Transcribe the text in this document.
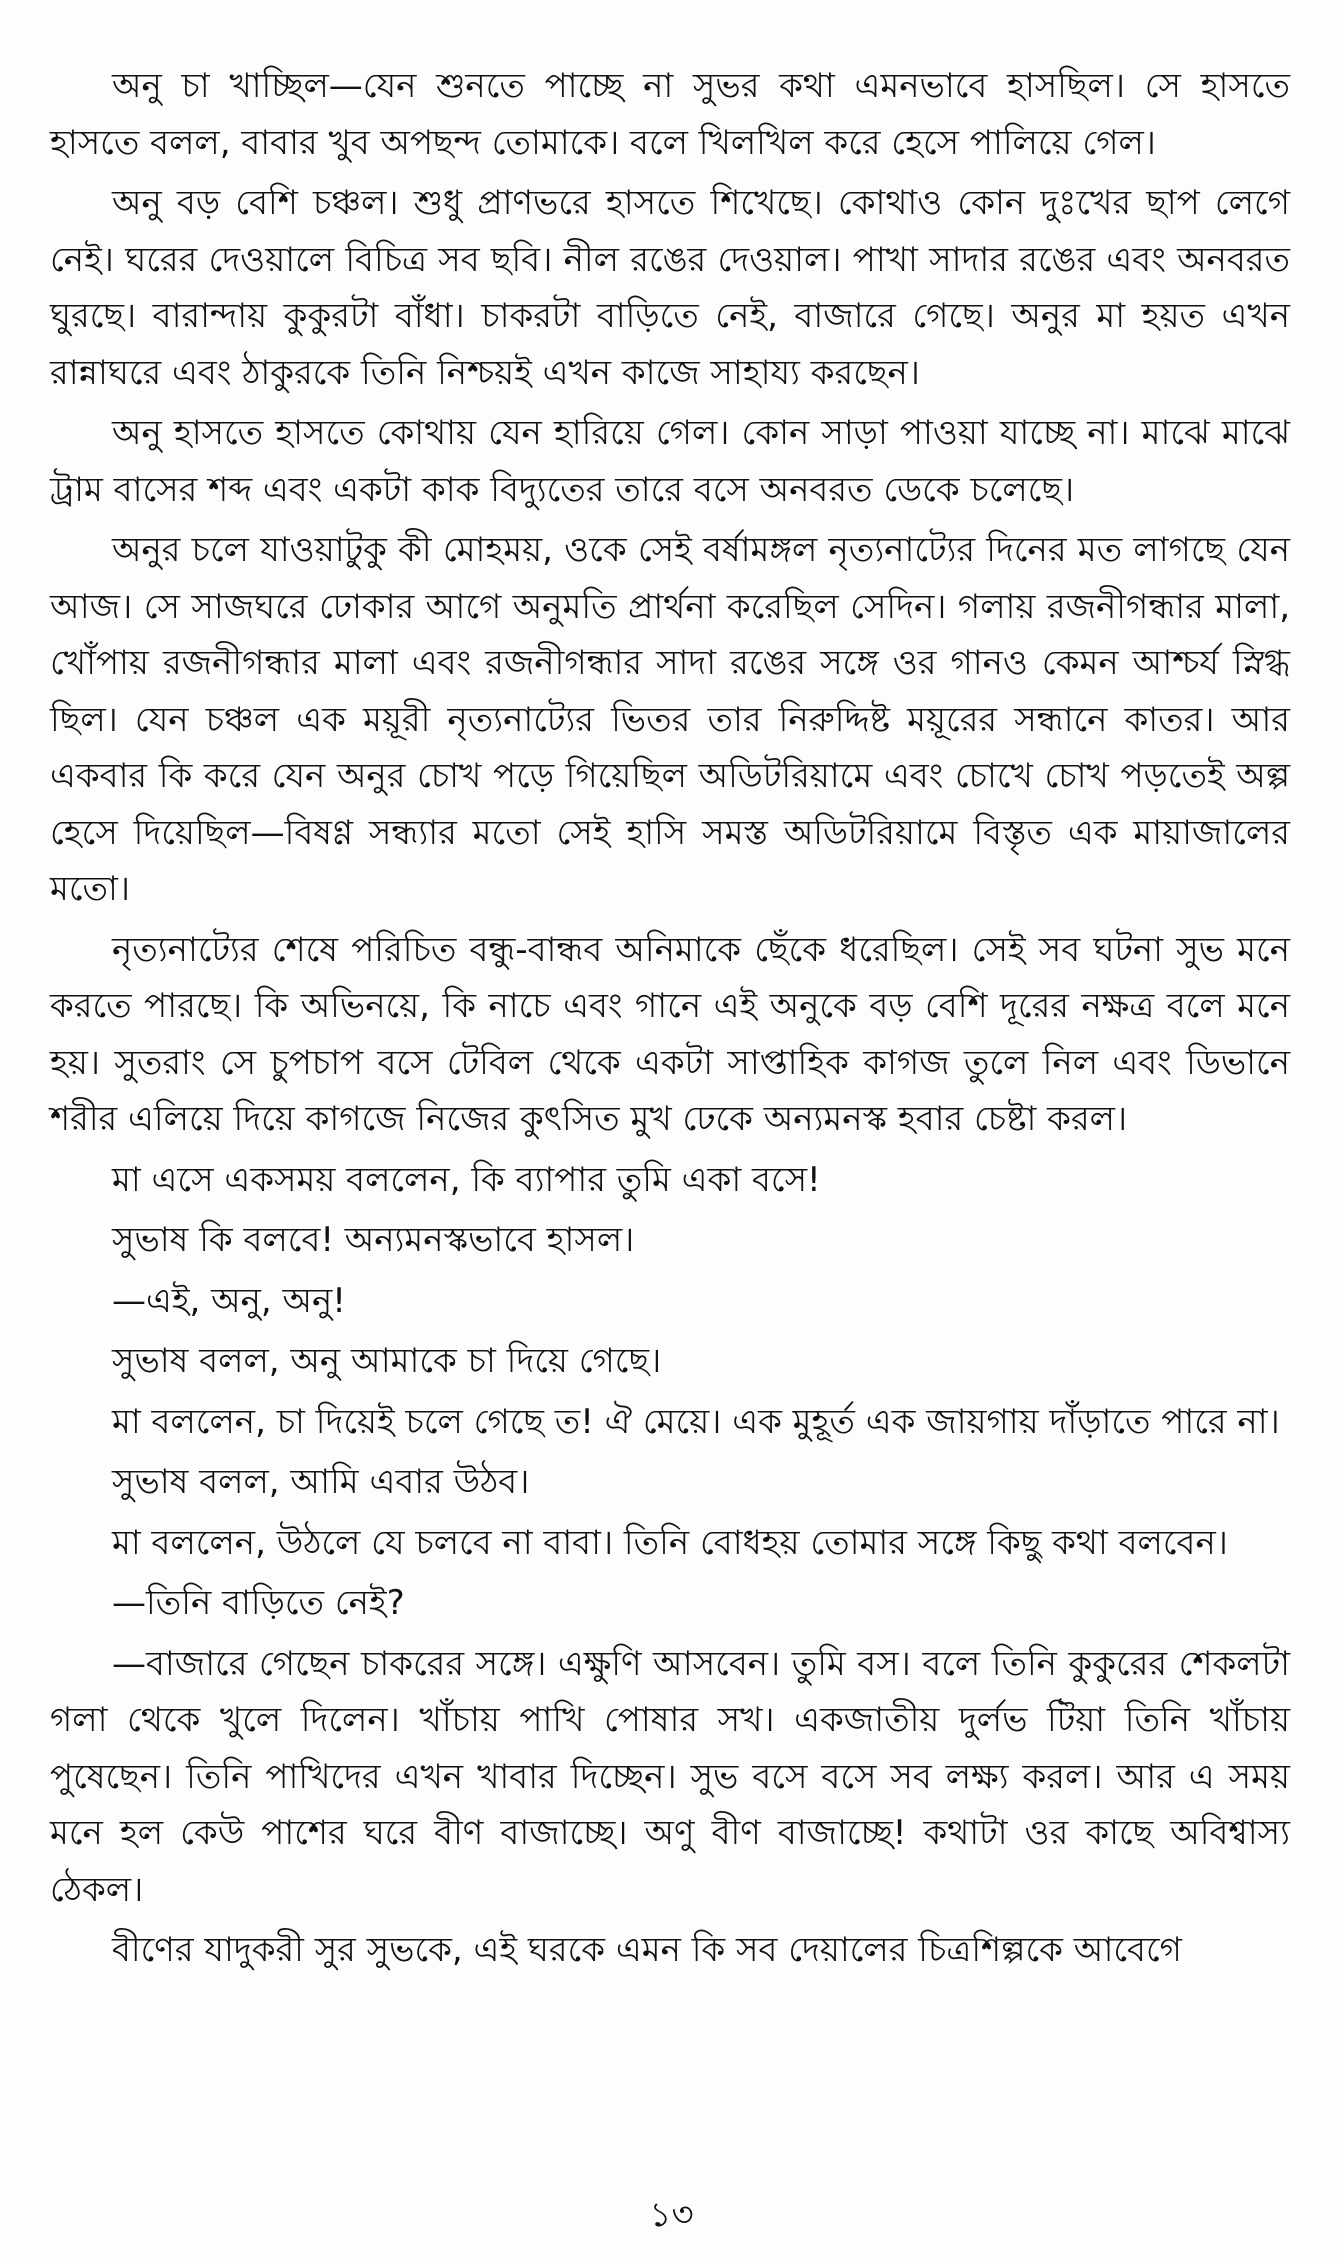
অনু চা খাচ্ছিল—যেন শুনতে পাচ্ছে না সুভর কথা এমনভাবে হাসছিল। সে হাসতে হাসতে বলল, বাবার খুব অপছন্দ তোমাকে। বলে খিলখিল করে হেসে পালিয়ে গেল।

অনু বড় বেশি চঞ্চল। শুধু প্রাণভরে হাসতে শিখেছে। কোথাও কোন দুঃখের ছাপ লেগে নেই। ঘরের দেওয়ালে বিচিত্র সব ছবি। নীল রঙের দেওয়াল। পাখা সাদার রঙের এবং অনবরত ঘুরছে। বারান্দায় কুকুরটা বাঁধা। চাকরটা বাড়িতে নেই, বাজারে গেছে। অনুর মা হয়ত এখন রান্নাঘরে এবং ঠাকুরকে তিনি নিশ্চয়ই এখন কাজে সাহায্য করছেন।

অনু হাসতে হাসতে কোথায় যেন হারিয়ে গেল। কোন সাড়া পাওয়া যাচ্ছে না। মাঝে মাঝে ট্রাম বাসের শব্দ এবং একটা কাক বিদ্যুতের তারে বসে অনবরত ডেকে চলেছে।

অনুর চলে যাওয়াটুকু কী মোহময়, ওকে সেই বর্ষামঙ্গল নৃত্যনাট্যের দিনের মত লাগছে যেন আজ। সে সাজঘরে ঢোকার আগে অনুমতি প্রার্থনা করেছিল সেদিন। গলায় রজনীগন্ধার মালা, খোঁপায় রজনীগন্ধার মালা এবং রজনীগন্ধার সাদা রঙের সঙ্গে ওর গানও কেমন আশ্চর্য স্নিগ্ধ ছিল। যেন চঞ্চল এক ময়ূরী নৃত্যনাট্যের ভিতর তার নিরুদ্দিষ্ট ময়ূরের সন্ধানে কাতর। আর একবার কি করে যেন অনুর চোখ পড়ে গিয়েছিল অডিটরিয়ামে এবং চোখে চোখ পড়তেই অল্প হেসে দিয়েছিল—বিষণ্ণ সন্ধ্যার মতো সেই হাসি সমস্ত অডিটরিয়ামে বিস্তৃত এক মায়াজালের মতো।

নৃত্যনাট্যের শেষে পরিচিত বন্ধু-বান্ধব অনিমাকে ছেঁকে ধরেছিল। সেই সব ঘটনা সুভ মনে করতে পারছে। কি অভিনয়ে, কি নাচে এবং গানে এই অনুকে বড় বেশি দূরের নক্ষত্র বলে মনে হয়। সুতরাং সে চুপচাপ বসে টেবিল থেকে একটা সাপ্তাহিক কাগজ তুলে নিল এবং ডিভানে শরীর এলিয়ে দিয়ে কাগজে নিজের কুৎসিত মুখ ঢেকে অন্যমনস্ক হবার চেষ্টা করল।

মা এসে একসময় বললেন, কি ব্যাপার তুমি একা বসে!

সুভাষ কি বলবে! অন্যমনস্কভাবে হাসল।

—এই, অনু, অনু!

সুভাষ বলল, অনু আমাকে চা দিয়ে গেছে।

মা বললেন, চা দিয়েই চলে গেছে ত! ঐ মেয়ে। এক মুহূর্ত এক জায়গায় দাঁড়াতে পারে না।

সুভাষ বলল, আমি এবার উঠব।

মা বললেন, উঠলে যে চলবে না বাবা। তিনি বোধহয় তোমার সঙ্গে কিছু কথা বলবেন।

—তিনি বাড়িতে নেই?

—বাজারে গেছেন চাকরের সঙ্গে। এক্ষুণি আসবেন। তুমি বস। বলে তিনি কুকুরের শেকলটা গলা থেকে খুলে দিলেন। খাঁচায় পাখি পোষার সখ। একজাতীয় দুর্লভ টিয়া তিনি খাঁচায় পুষেছেন। তিনি পাখিদের এখন খাবার দিচ্ছেন। সুভ বসে বসে সব লক্ষ্য করল। আর এ সময় মনে হল কেউ পাশের ঘরে বীণ বাজাচ্ছে। অণু বীণ বাজাচ্ছে! কথাটা ওর কাছে অবিশ্বাস্য ঠেকল।

বীণের যাদুকরী সুর সুভকে, এই ঘরকে এমন কি সব দেয়ালের চিত্রশিল্পকে আবেগে

১৩
